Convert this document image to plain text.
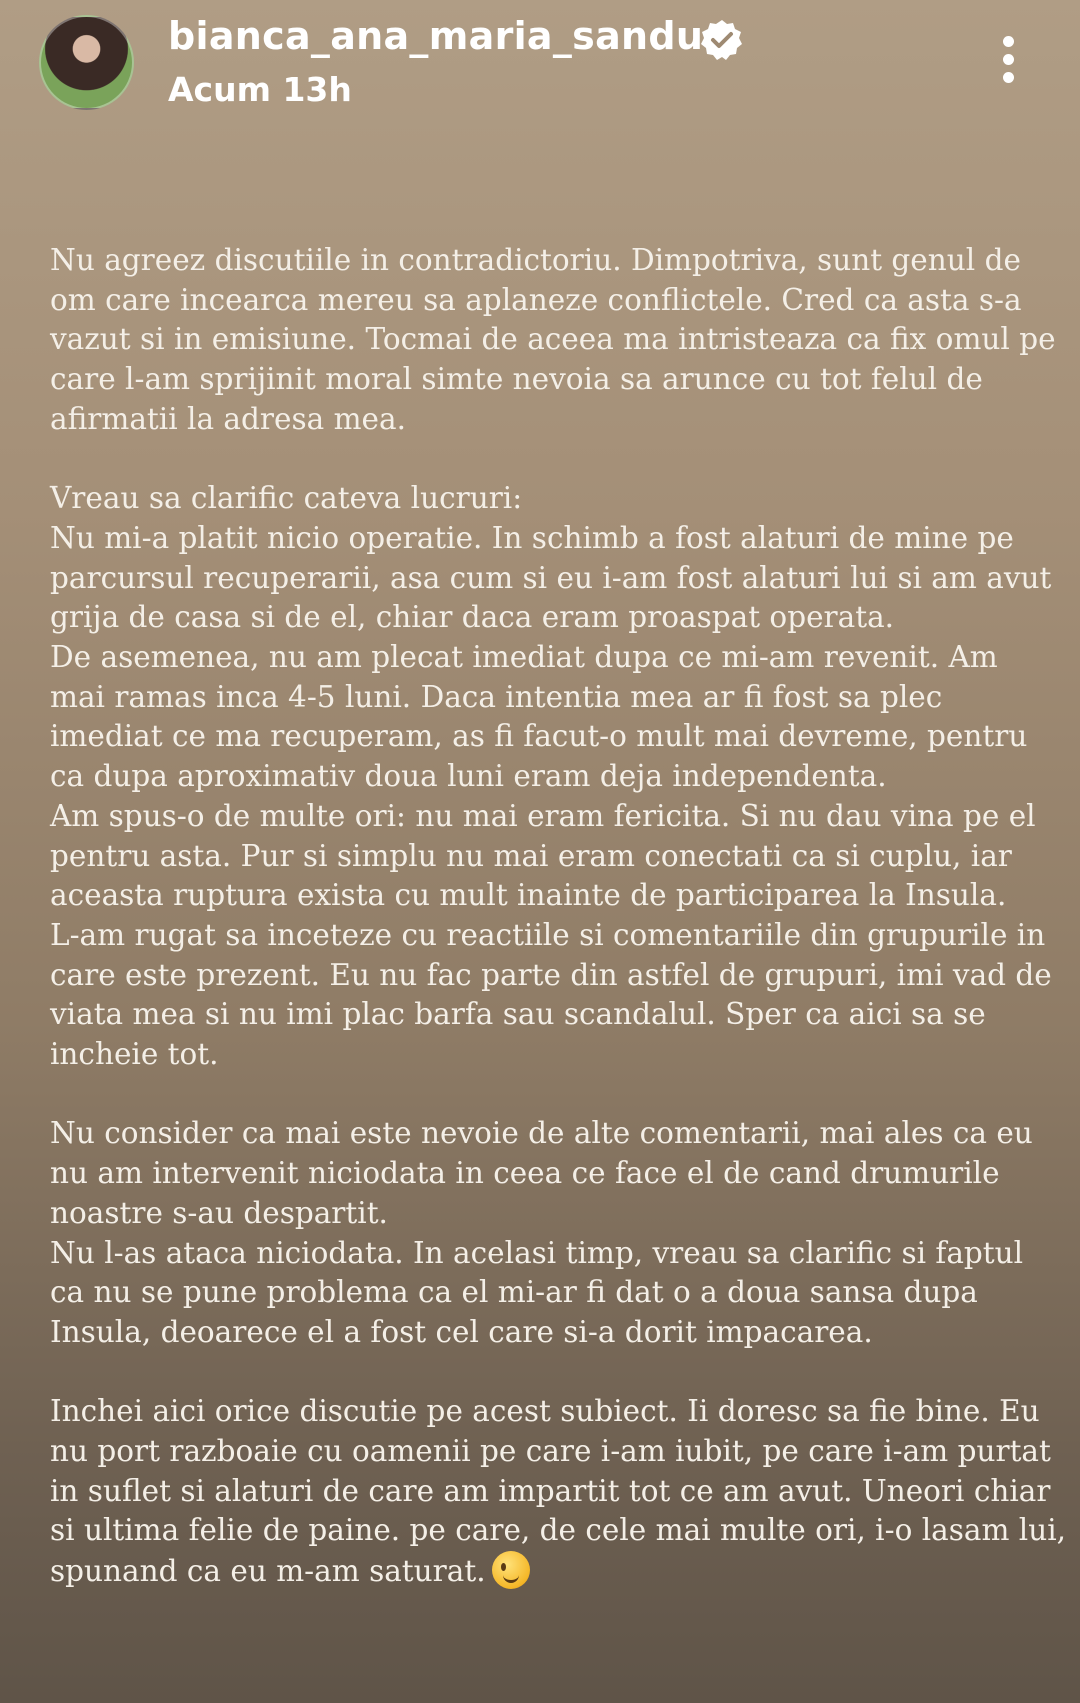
bianca_ana_maria_sandu
Acum 13h
Nu agreez discutiile in contradictoriu. Dimpotriva, sunt genul de
om care incearca mereu sa aplaneze conflictele. Cred ca asta s-a
vazut si in emisiune. Tocmai de aceea ma intristeaza ca fix omul pe
care l-am sprijinit moral simte nevoia sa arunce cu tot felul de
afirmatii la adresa mea.
Vreau sa clarific cateva lucruri:
Nu mi-a platit nicio operatie. In schimb a fost alaturi de mine pe
parcursul recuperarii, asa cum si eu i-am fost alaturi lui si am avut
grija de casa si de el, chiar daca eram proaspat operata.
De asemenea, nu am plecat imediat dupa ce mi-am revenit. Am
mai ramas inca 4-5 luni. Daca intentia mea ar fi fost sa plec
imediat ce ma recuperam, as fi facut-o mult mai devreme, pentru
ca dupa aproximativ doua luni eram deja independenta.
Am spus-o de multe ori: nu mai eram fericita. Si nu dau vina pe el
pentru asta. Pur si simplu nu mai eram conectati ca si cuplu, iar
aceasta ruptura exista cu mult inainte de participarea la Insula.
L-am rugat sa inceteze cu reactiile si comentariile din grupurile in
care este prezent. Eu nu fac parte din astfel de grupuri, imi vad de
viata mea si nu imi plac barfa sau scandalul. Sper ca aici sa se
incheie tot.
Nu consider ca mai este nevoie de alte comentarii, mai ales ca eu
nu am intervenit niciodata in ceea ce face el de cand drumurile
noastre s-au despartit.
Nu l-as ataca niciodata. In acelasi timp, vreau sa clarific si faptul
ca nu se pune problema ca el mi-ar fi dat o a doua sansa dupa
Insula, deoarece el a fost cel care si-a dorit impacarea.
Inchei aici orice discutie pe acest subiect. Ii doresc sa fie bine. Eu
nu port razboaie cu oamenii pe care i-am iubit, pe care i-am purtat
in suflet si alaturi de care am impartit tot ce am avut. Uneori chiar
si ultima felie de paine. pe care, de cele mai multe ori, i-o lasam lui,
spunand ca eu m-am saturat.
